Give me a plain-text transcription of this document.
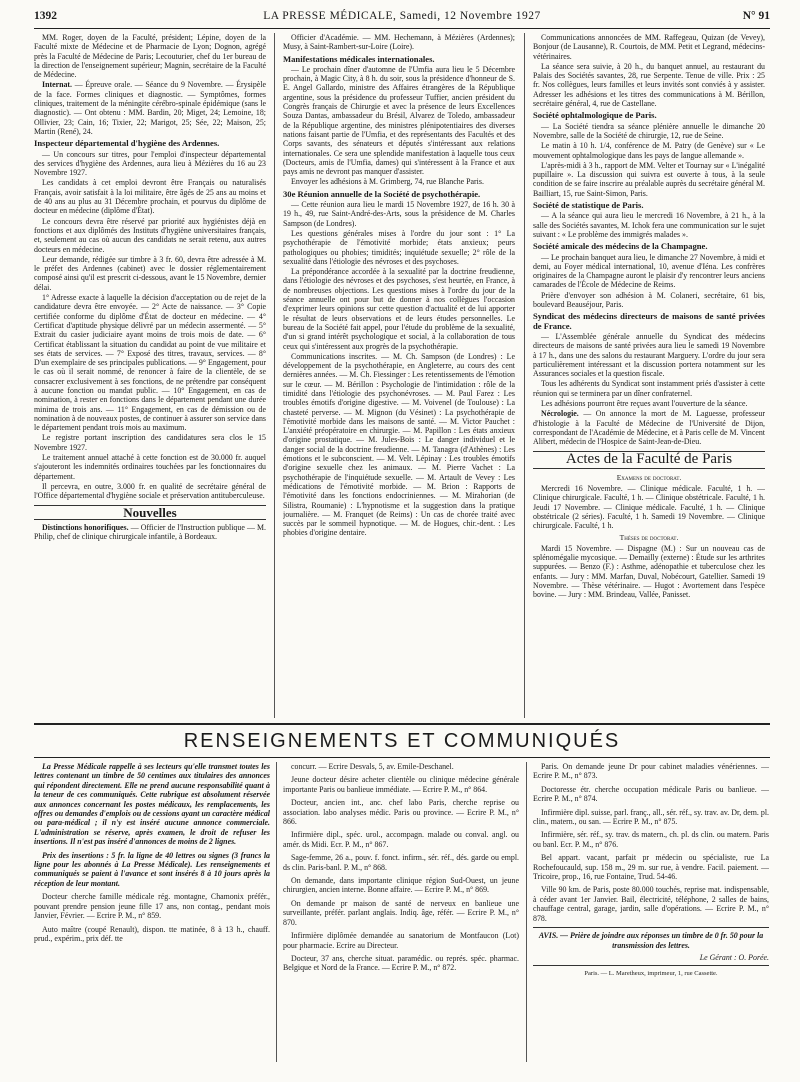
1392	LA PRESSE MÉDICALE, Samedi, 12 Novembre 1927	N° 91

MM. Roger, doyen de la Faculté, président; Lépine, doyen de la Faculté mixte de Médecine et de Pharmacie de Lyon; Dognon, agrégé près la Faculté de Médecine de Paris; Lecouturier, chef du 1er bureau de la direction de l'enseignement supérieur; Magnin, secrétaire de la Faculté de Médecine.

Internat. — Épreuve orale. — Séance du 9 Novembre. — Érysipèle de la face. Formes cliniques et diagnostic. — Symptômes, formes cliniques, traitement de la méningite cérébro-spinale épidémique (sans le diagnostic). — Ont obtenu : MM. Bardin, 20; Miget, 24; Lemoine, 18; Ollivier, 23; Cain, 16; Tixier, 22; Marigot, 25; Sée, 22; Maison, 25; Martin (René), 24.

Inspecteur départemental d'hygiène des Ardennes.

— Un concours sur titres, pour l'emploi d'inspecteur départemental des services d'hygiène des Ardennes, aura lieu à Mézières du 16 au 23 Novembre 1927.

Les candidats à cet emploi devront être Français ou naturalisés Français, avoir satisfait à la loi militaire, être âgés de 25 ans au moins et de 40 ans au plus au 31 Décembre prochain, et pourvus du diplôme de docteur en médecine (diplôme d'État).

Le concours devra être réservé par priorité aux hygiénistes déjà en fonctions et aux diplômés des Instituts d'hygiène universitaires français, et, seulement au cas où aucun des candidats ne serait retenu, aux autres docteurs en médecine.

Leur demande, rédigée sur timbre à 3 fr. 60, devra être adressée à M. le préfet des Ardennes (cabinet) avec le dossier réglementairement composé ainsi qu'il est prescrit ci-dessous, avant le 15 Novembre, dernier délai.

1° Adresse exacte à laquelle la décision d'acceptation ou de rejet de la candidature devra être envoyée. — 2° Acte de naissance. — 3° Copie certifiée conforme du diplôme d'État de docteur en médecine. — 4° Certificat d'aptitude physique délivré par un médecin assermenté. — 5° Extrait du casier judiciaire ayant moins de trois mois de date. — 6° Certificat établissant la situation du candidat au point de vue militaire et ses états de services. — 7° Exposé des titres, travaux, services. — 8° D'un exemplaire de ses principales publications. — 9° Engagement, pour le cas où il serait nommé, de renoncer à faire de la clientèle, de se consacrer exclusivement à ses fonctions, de ne prétendre par conséquent à aucune fonction ou mandat public. — 10° Engagement, en cas de nomination, à rester en fonctions dans le département pendant une durée minima de trois ans. — 11° Engagement, en cas de démission ou de nomination à de nouveaux postes, de continuer à assurer son service dans le département pendant trois mois au maximum.

Le registre portant inscription des candidatures sera clos le 15 Novembre 1927.

Le traitement annuel attaché à cette fonction est de 30.000 fr. auquel s'ajouteront les indemnités ordinaires touchées par les fonctionnaires du département.

Il percevra, en outre, 3.000 fr. en qualité de secrétaire général de l'Office départemental d'hygiène sociale et préservation antituberculeuse.

Nouvelles

Distinctions honorifiques. — Officier de l'Instruction publique — M. Philip, chef de clinique chirurgicale infantile, à Bordeaux.

Officier d'Académie. — MM. Hechemann, à Mézières (Ardennes); Musy, à Saint-Rambert-sur-Loire (Loire).

Manifestations médicales internationales.

— Le prochain dîner d'automne de l'Umfia aura lieu le 5 Décembre prochain, à Magic City, à 8 h. du soir, sous la présidence d'honneur de S. E. Angel Gallardo, ministre des Affaires étrangères de la République argentine, sous la présidence du professeur Tuffier, ancien président du Congrès français de Chirurgie et avec la présence de leurs Excellences Souza Dantas, ambassadeur du Brésil, Alvarez de Toledo, ambassadeur de la République argentine, des ministres plénipotentiaires des diverses nations faisant partie de l'Umfia, et des représentants des Facultés et des Corps savants, des sénateurs et députés s'intéressant aux relations internationales. Ce sera une splendide manifestation à laquelle tous ceux (Docteurs, amis de l'Umfia, dames) qui s'intéressent à la France et aux pays amis ne devront pas manquer d'assister.

Envoyer les adhésions à M. Grimberg, 74, rue Blanche Paris.

30e Réunion annuelle de la Société de psychothérapie.

— Cette réunion aura lieu le mardi 15 Novembre 1927, de 16 h. 30 à 19 h., 49, rue Saint-André-des-Arts, sous la présidence de M. Charles Sampson (de Londres).

Les questions générales mises à l'ordre du jour sont : 1° La psychothérapie de l'émotivité morbide; états anxieux; peurs pathologiques ou phobies; timidités; inquiétude sexuelle; 2° rôle de la sexualité dans l'étiologie des névroses et des psychoses.

La prépondérance accordée à la sexualité par la doctrine freudienne, dans l'étiologie des névroses et des psychoses, s'est heurtée, en France, à de nombreuses objections. Les questions mises à l'ordre du jour de la séance annuelle ont pour but de donner à nos collègues l'occasion d'exprimer leurs opinions sur cette question d'actualité et de lui apporter le résultat de leurs observations et de leurs études personnelles. Le bureau de la Société fait appel, pour l'étude du problème de la sexualité, d'un si grand intérêt psychologique et social, à la collaboration de tous ceux qui s'intéressent aux progrès de la psychothérapie.

Communications inscrites. — M. Ch. Sampson (de Londres) : Le développement de la psychothérapie, en Angleterre, au cours des cent dernières années. — M. Ch. Fiessinger : Les retentissements de l'émotion sur le cœur. — M. Bérillon : Psychologie de l'intimidation : rôle de la timidité dans l'étiologie des psychonévroses. — M. Paul Farez : Les troubles émotifs d'origine digestive. — M. Voivenel (de Toulouse) : La chasteté perverse. — M. Mignon (du Vésinet) : La psychothérapie de l'émotivité morbide dans les maisons de santé. — M. Victor Pauchet : L'anxiété préopératoire en chirurgie. — M. Papillon : Les états anxieux d'origine prostatique. — M. Jules-Bois : Le danger individuel et le danger social de la doctrine freudienne. — M. Tanagra (d'Athènes) : Les émotions et le subconscient. — M. Velt. Lépinay : Les troubles émotifs d'origine sexuelle chez les animaux. — M. Pierre Vachet : La psychothérapie de l'inquiétude sexuelle. — M. Artault de Vevey : Les médications de l'émotivité morbide. — M. Brion : Rapports de l'émotivité dans les fonctions endocriniennes. — M. Mirahorian (de Silistra, Roumanie) : L'hypnotisme et la suggestion dans la pratique journalière. — M. Franquet (de Reims) : Un cas de chorée traité avec succès par le sommeil hypnotique. — M. de Hogues, chir.-dent. : Les phobies d'origine dentaire.

Communications annoncées de MM. Raffegeau, Quizan (de Vevey), Bonjour (de Lausanne), R. Courtois, de MM. Petit et Legrand, médecins-vétérinaires.

La séance sera suivie, à 20 h., du banquet annuel, au restaurant du Palais des Sociétés savantes, 28, rue Serpente. Tenue de ville. Prix : 25 fr. Nos collègues, leurs familles et leurs invités sont conviés à y assister. Adresser les adhésions et les titres des communications à M. Bérillon, secrétaire général, 4, rue de Castellane.

Société ophtalmologique de Paris.

— La Société tiendra sa séance plénière annuelle le dimanche 20 Novembre, salle de la Société de chirurgie, 12, rue de Seine.

Le matin à 10 h. 1/4, conférence de M. Patry (de Genève) sur « Le mouvement ophtalmologique dans les pays de langue allemande ».

L'après-midi à 3 h., rapport de MM. Velter et Tournay sur « L'inégalité pupillaire ». La discussion qui suivra est ouverte à tous, à la seule condition de se faire inscrire au préalable auprès du secrétaire général M. Bailliart, 15, rue Saint-Simon, Paris.

Société de statistique de Paris.

— A la séance qui aura lieu le mercredi 16 Novembre, à 21 h., à la salle des Sociétés savantes, M. Ichok fera une communication sur le sujet suivant : « Le problème des immigrés malades ».

Société amicale des médecins de la Champagne.

— Le prochain banquet aura lieu, le dimanche 27 Novembre, à midi et demi, au Foyer médical international, 10, avenue d'Iéna. Les confrères originaires de la Champagne auront le plaisir d'y rencontrer leurs anciens camarades de l'École de Médecine de Reims.

Prière d'envoyer son adhésion à M. Colaneri, secrétaire, 61 bis, boulevard Beauséjour, Paris.

Syndicat des médecins directeurs de maisons de santé privées de France.

— L'Assemblée générale annuelle du Syndicat des médecins directeurs de maisons de santé privées aura lieu le samedi 19 Novembre à 17 h., dans une des salons du restaurant Marguery. L'ordre du jour sera particulièrement intéressant et la discussion portera notamment sur les Assurances sociales et la question fiscale.

Tous les adhérents du Syndicat sont instamment priés d'assister à cette réunion qui se terminera par un dîner confraternel.

Les adhésions pourront être reçues avant l'ouverture de la séance.

Nécrologie. — On annonce la mort de M. Laguesse, professeur d'histologie à la Faculté de Médecine de l'Université de Dijon, correspondant de l'Académie de Médecine, et à Paris celle de M. Vincent Alibert, médecin de l'Hospice de Saint-Jean-de-Dieu.

Actes de la Faculté de Paris
Examens de doctorat.

Mercredi 16 Novembre. — Clinique médicale. Faculté, 1 h. — Clinique chirurgicale. Faculté, 1 h. — Clinique obstétricale. Faculté, 1 h. Jeudi 17 Novembre. — Clinique médicale. Faculté, 1 h. — Clinique obstétricale (2 séries). Faculté, 1 h. Samedi 19 Novembre. — Clinique chirurgicale. Faculté, 1 h.

Thèses de doctorat.

Mardi 15 Novembre. — Dispagne (M.) : Sur un nouveau cas de splénomégalie mycosique. — Demailly (externe) : Étude sur les arthrites suppurées. — Benzo (F.) : Asthme, adénopathie et tuberculose chez les enfants. — Jury : MM. Marfan, Duval, Nobécourt, Gatellier. Samedi 19 Novembre. — Thèse vétérinaire. — Hugot : Avortement dans l'espèce bovine. — Jury : MM. Brindeau, Vallée, Panisset.

RENSEIGNEMENTS ET COMMUNIQUÉS

La Presse Médicale rappelle à ses lecteurs qu'elle transmet toutes les lettres contenant un timbre de 50 centimes aux titulaires des annonces qui répondent directement. Elle ne prend aucune responsabilité quant à la teneur de ces communiqués. Cette rubrique est absolument réservée aux annonces concernant les postes médicaux, les remplacements, les offres ou demandes d'emplois ou de cessions ayant un caractère médical ou para-médical ; il n'y est inséré aucune annonce commerciale. L'administration se réserve, après examen, le droit de refuser les insertions. Il n'est pas inséré d'annonces de moins de 2 lignes.

Prix des insertions : 5 fr. la ligne de 40 lettres ou signes (3 francs la ligne pour les abonnés à La Presse Médicale). Les renseignements et communiqués se paient à l'avance et sont insérés 8 à 10 jours après la réception de leur montant.

Docteur cherche famille médicale rég. montagne, Chamonix préfér., pouvant prendre pension jeune fille 17 ans, non contag., pendant mois Janvier, Février. — Ecrire P. M., n° 859.

Auto maître (coupé Renault), dispon. tte matinée, 8 à 13 h., chauff. prud., expérim., prix déf. tte

concurr. — Ecrire Desvals, 5, av. Emile-Deschanel.

Jeune docteur désire acheter clientèle ou clinique médecine générale importante Paris ou banlieue immédiate. — Ecrire P. M., n° 864.

Docteur, ancien int., anc. chef labo Paris, cherche reprise ou association. labo analyses médic. Paris ou province. — Ecrire P. M., n° 866.

Infirmière dipl., spéc. urol., accompagn. malade ou conval. angl. ou amér. ds Midi. Ecr. P. M., n° 867.

Sage-femme, 26 a., pouv. f. fonct. infirm., sér. réf., dés. garde ou empl. ds clin. Paris-banl. P. M., n° 868.

On demande, dans importante clinique région Sud-Ouest, un jeune chirurgien, ancien interne. Bonne affaire. — Ecrire P. M., n° 869.

On demande pr maison de santé de nerveux en banlieue une surveillante, préfér. parlant anglais. Indiq. âge, référ. — Ecrire P. M., n° 870.

Infirmière diplômée demandée au sanatorium de Montfaucon (Lot) pour pharmacie. Ecrire au Directeur.

Docteur, 37 ans, cherche situat. paramédic. ou représ. spéc. pharmac. Belgique et Nord de la France. — Ecrire P. M., n° 872.

Paris. On demande jeune Dr pour cabinet maladies vénériennes. — Ecrire P. M., n° 873.

Doctoresse étr. cherche occupation médicale Paris ou banlieue. — Ecrire P. M., n° 874.

Infirmière dipl. suisse, parl. franç., all., sér. réf., sy. trav. av. Dr, dem. pl. clin., matern., ou san. — Ecrire P. M., n° 875.

Infirmière, sér. réf., sy. trav. ds matern., ch. pl. ds clin. ou matern. Paris ou banl. Ecr. P. M., n° 876.

Bel appart. vacant, parfait pr médecin ou spécialiste, rue La Rochefoucauld, sup. 158 m., 29 m. sur rue, à vendre. Facil. paiement. — Tricoire, prop., 16, rue Fontaine, Trud. 54-46.

Ville 90 km. de Paris, poste 80.000 touchés, reprise mat. indispensable, à céder avant 1er Janvier. Bail, électricité, téléphone, 2 salles de bains, chauffage central, garage, jardin, salle d'opérations. — Ecrire P. M., n° 878.

AVIS. — Prière de joindre aux réponses un timbre de 0 fr. 50 pour la transmission des lettres.
Le Gérant : O. Porée.
Paris. — L. Maretheux, imprimeur, 1, rue Cassette.
